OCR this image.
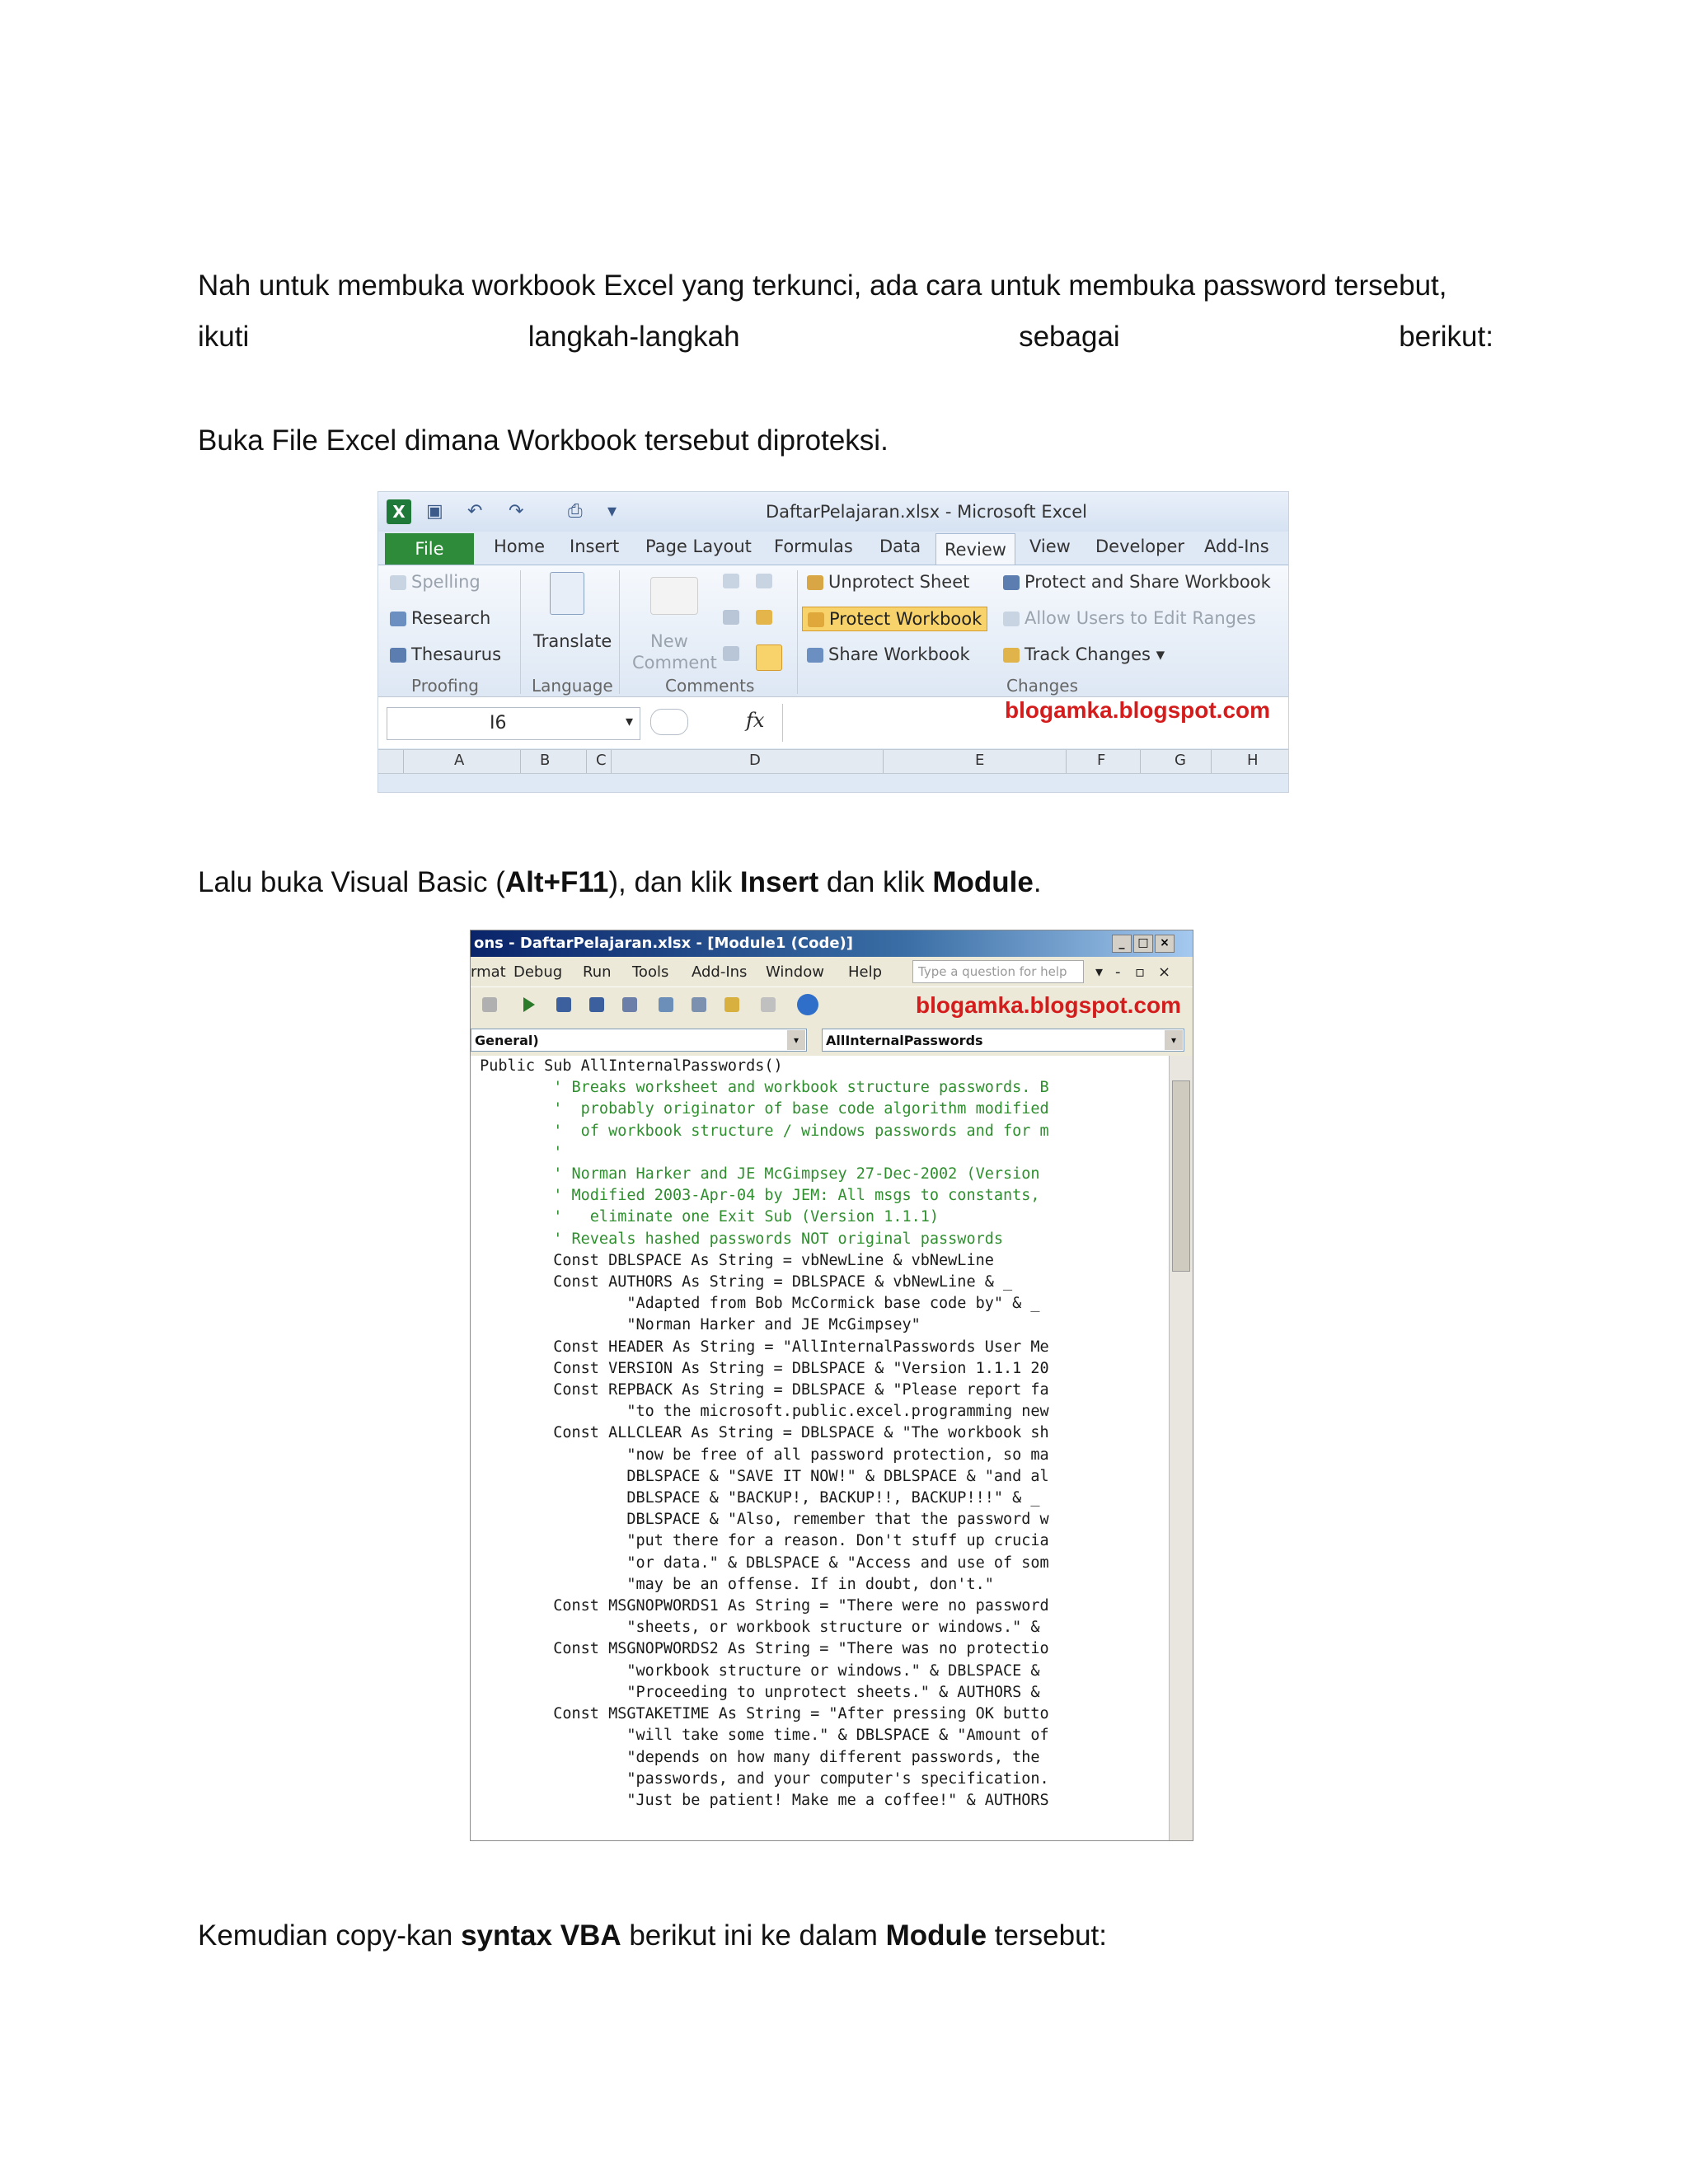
Nah untuk membuka workbook Excel yang terkunci, ada cara untuk membuka password tersebut,
ikuti	langkah-langkah	sebagai	berikut:
Buka File Excel dimana Workbook tersebut diproteksi.
X	▣ ↶ ↷ ⎙ ▾	DaftarPelajaran.xlsx - Microsoft Excel
File	Home Insert Page Layout Formulas Data	Review	View Developer Add-Ins
Spelling
Research
Thesaurus
Translate New
Comment
Unprotect Sheet
Protect Workbook
Share Workbook
Protect and Share Workbook
Allow Users to Edit Ranges
Track Changes ▾
Proofing	Language	Comments	Changes
I6	▾	fx	blogamka.blogspot.com
A	B	C	D	E	F	G	H
Lalu buka Visual Basic (Alt+F11), dan klik Insert dan klik Module.
ons - DaftarPelajaran.xlsx - [Module1 (Code)]	_	□ ×
rmat Debug Run Tools Add-Ins Window Help	Type a question for help	▾ - ▫ ×
blogamka.blogspot.com
General)	▾	AllInternalPasswords	▾
Public Sub AllInternalPasswords()
' Breaks worksheet and workbook structure passwords. B
'  probably originator of base code algorithm modified
'  of workbook structure / windows passwords and for m
'
' Norman Harker and JE McGimpsey 27-Dec-2002 (Version
' Modified 2003-Apr-04 by JEM: All msgs to constants,
'   eliminate one Exit Sub (Version 1.1.1)
' Reveals hashed passwords NOT original passwords
Const DBLSPACE As String = vbNewLine & vbNewLine
Const AUTHORS As String = DBLSPACE & vbNewLine & _
"Adapted from Bob McCormick base code by" & _
"Norman Harker and JE McGimpsey"
Const HEADER As String = "AllInternalPasswords User Me
Const VERSION As String = DBLSPACE & "Version 1.1.1 20
Const REPBACK As String = DBLSPACE & "Please report fa
"to the microsoft.public.excel.programming new
Const ALLCLEAR As String = DBLSPACE & "The workbook sh
"now be free of all password protection, so ma
DBLSPACE & "SAVE IT NOW!" & DBLSPACE & "and al
DBLSPACE & "BACKUP!, BACKUP!!, BACKUP!!!" & _
DBLSPACE & "Also, remember that the password w
"put there for a reason. Don't stuff up crucia
"or data." & DBLSPACE & "Access and use of som
"may be an offense. If in doubt, don't."
Const MSGNOPWORDS1 As String = "There were no password
"sheets, or workbook structure or windows." &
Const MSGNOPWORDS2 As String = "There was no protectio
"workbook structure or windows." & DBLSPACE &
"Proceeding to unprotect sheets." & AUTHORS &
Const MSGTAKETIME As String = "After pressing OK butto
"will take some time." & DBLSPACE & "Amount of
"depends on how many different passwords, the
"passwords, and your computer's specification.
"Just be patient! Make me a coffee!" & AUTHORS
Kemudian copy-kan syntax VBA berikut ini ke dalam Module tersebut:
